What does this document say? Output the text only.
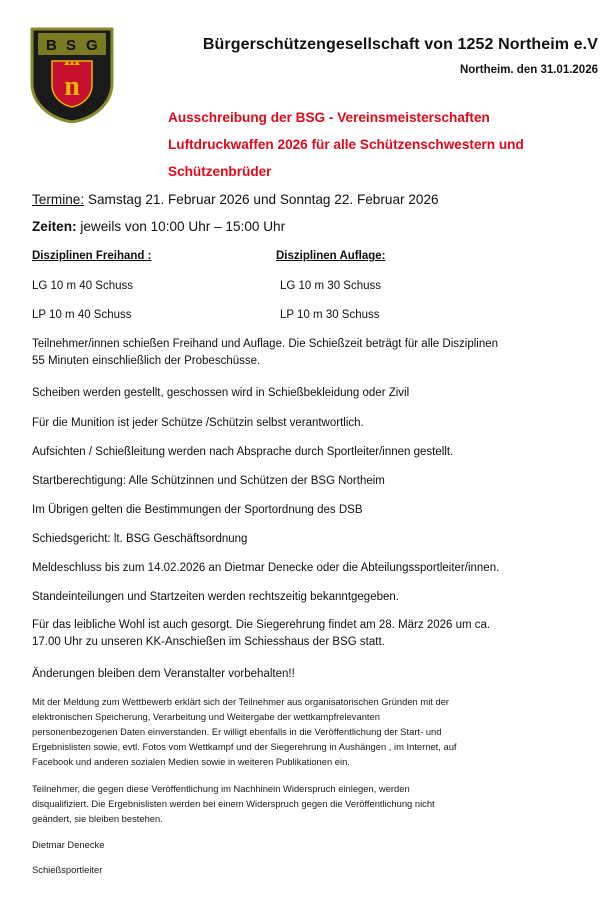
B S G
n
Bürgerschützengesellschaft von 1252 Northeim e.V
Northeim. den 31.01.2026
Ausschreibung der BSG - Vereinsmeisterschaften
Luftdruckwaffen 2026 für alle Schützenschwestern und
Schützenbrüder
Termine: Samstag 21. Februar 2026 und Sonntag 22. Februar 2026
Zeiten: jeweils von 10:00 Uhr – 15:00 Uhr
Disziplinen Freihand :	Disziplinen Auflage:
LG 10 m 40 Schuss	LG 10 m 30 Schuss
LP 10 m 40 Schuss	LP 10 m 30 Schuss
Teilnehmer/innen schießen Freihand und Auflage. Die Schießzeit beträgt für alle Disziplinen
55 Minuten einschließlich der Probeschüsse.
Scheiben werden gestellt, geschossen wird in Schießbekleidung oder Zivil
Für die Munition ist jeder Schütze /Schützin selbst verantwortlich.
Aufsichten / Schießleitung werden nach Absprache durch Sportleiter/innen gestellt.
Startberechtigung: Alle Schützinnen und Schützen der BSG Northeim
Im Übrigen gelten die Bestimmungen der Sportordnung des DSB
Schiedsgericht: lt. BSG Geschäftsordnung
Meldeschluss bis zum 14.02.2026 an Dietmar Denecke oder die Abteilungssportleiter/innen.
Standeinteilungen und Startzeiten werden rechtszeitig bekanntgegeben.
Für das leibliche Wohl ist auch gesorgt. Die Siegerehrung findet am 28. März 2026 um ca.
17.00 Uhr zu unseren KK-Anschießen im Schiesshaus der BSG statt.
Änderungen bleiben dem Veranstalter vorbehalten!!
Mit der Meldung zum Wettbewerb erklärt sich der Teilnehmer aus organisatorischen Gründen mit der
elektronischen Speicherung, Verarbeitung und Weitergabe der wettkampfrelevanten
personenbezogenen Daten einverstanden. Er willigt ebenfalls in die Veröffentlichung der Start- und
Ergebnislisten sowie, evtl. Fotos vom Wettkampf und der Siegerehrung in Aushängen , im Internet, auf
Facebook und anderen sozialen Medien sowie in weiteren Publikationen ein.
Teilnehmer, die gegen diese Veröffentlichung im Nachhinein Widerspruch einlegen, werden
disqualifiziert. Die Ergebnislisten werden bei einem Widerspruch gegen die Veröffentlichung nicht
geändert, sie bleiben bestehen.
Dietmar Denecke
Schießsportleiter
